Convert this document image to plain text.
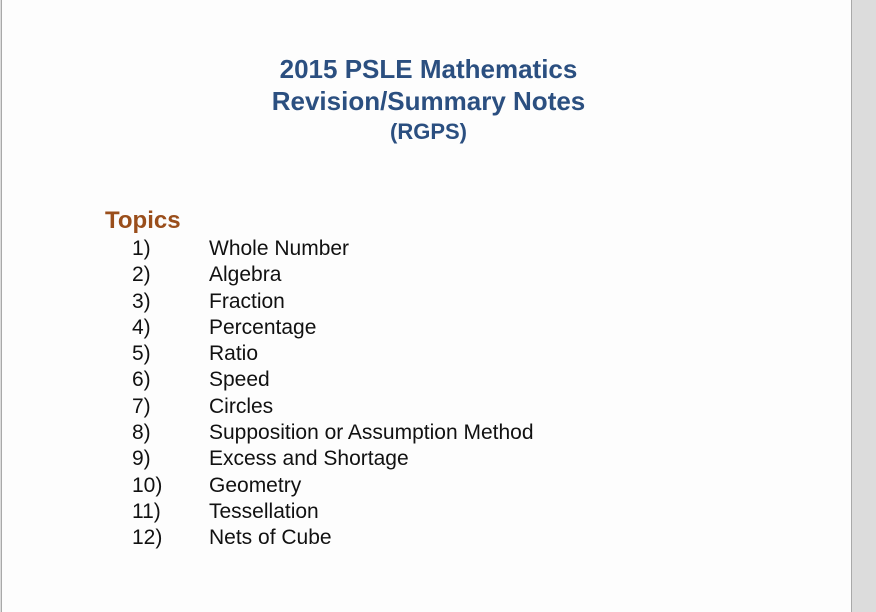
2015 PSLE Mathematics
Revision/Summary Notes
(RGPS)
Topics
1)	Whole Number
2)	Algebra
3)	Fraction
4)	Percentage
5)	Ratio
6)	Speed
7)	Circles
8)	Supposition or Assumption Method
9)	Excess and Shortage
10) Geometry
11) Tessellation
12) Nets of Cube
